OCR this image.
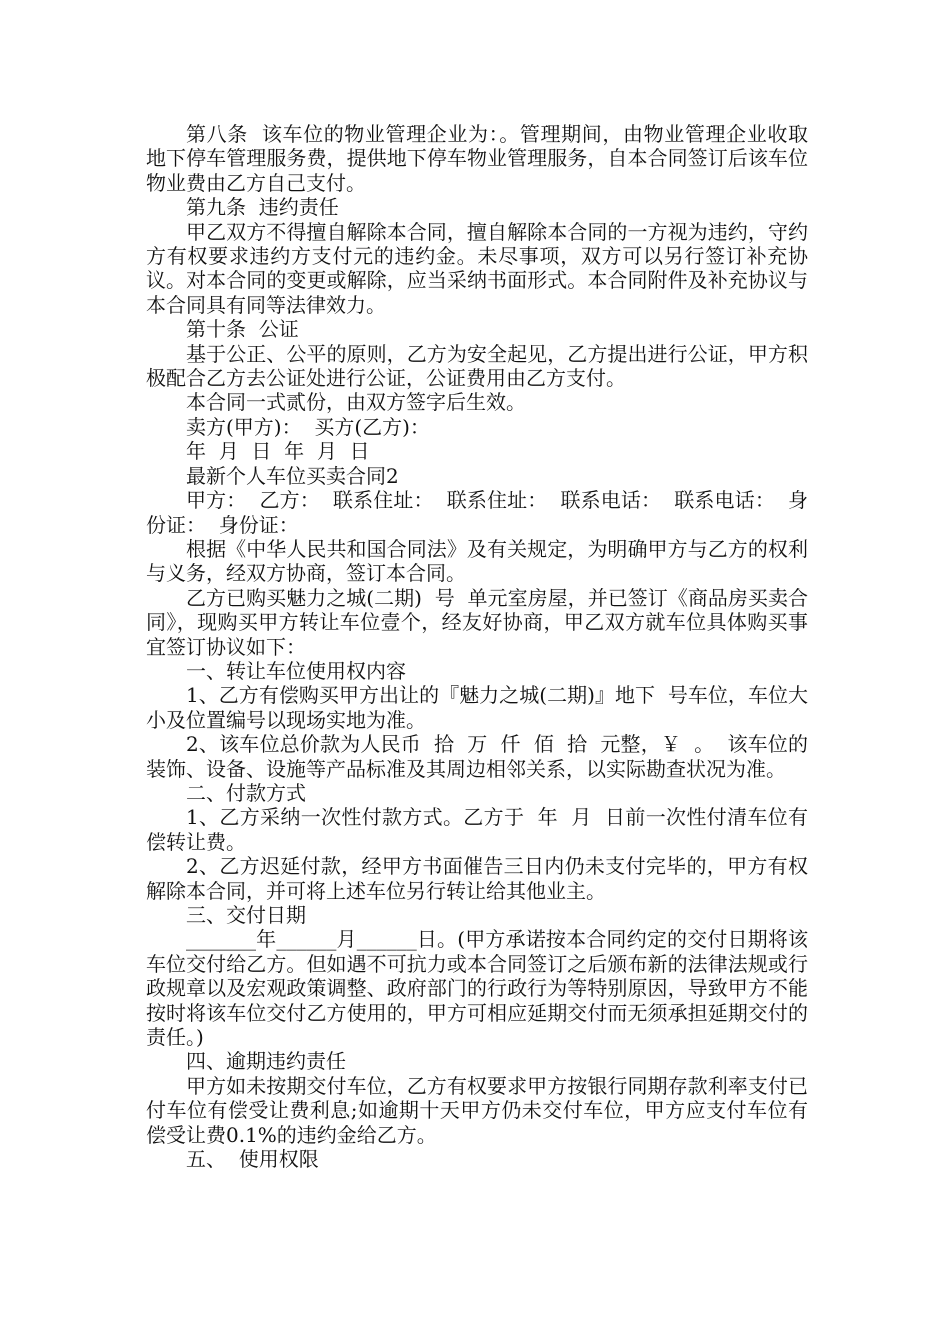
第八条  该车位的物业管理企业为：。管理期间，由物业管理企业收取地下停车管理服务费，提供地下停车物业管理服务，自本合同签订后该车位物业费由乙方自己支付。

第九条  违约责任

甲乙双方不得擅自解除本合同，擅自解除本合同的一方视为违约，守约方有权要求违约方支付元的违约金。未尽事项，双方可以另行签订补充协议。对本合同的变更或解除，应当采纳书面形式。本合同附件及补充协议与本合同具有同等法律效力。

第十条  公证

基于公正、公平的原则，乙方为安全起见，乙方提出进行公证，甲方积极配合乙方去公证处进行公证，公证费用由乙方支付。

本合同一式贰份，由双方签字后生效。

卖方(甲方)：  买方(乙方)：

年  月  日  年  月  日

最新个人车位买卖合同2

甲方：  乙方：  联系住址：  联系住址：  联系电话：  联系电话：  身份证：  身份证：

根据《中华人民共和国合同法》及有关规定，为明确甲方与乙方的权利与义务，经双方协商，签订本合同。

乙方已购买魅力之城(二期)  号  单元室房屋，并已签订《商品房买卖合同》，现购买甲方转让车位壹个，经友好协商，甲乙双方就车位具体购买事宜签订协议如下：

一、转让车位使用权内容

1、乙方有偿购买甲方出让的『魅力之城(二期)』地下  号车位，车位大小及位置编号以现场实地为准。

2、该车位总价款为人民币  拾  万  仟  佰  拾  元整，￥  。  该车位的装饰、设备、设施等产品标准及其周边相邻关系，以实际勘查状况为准。

二、付款方式

1、乙方采纳一次性付款方式。乙方于  年  月  日前一次性付清车位有偿转让费。

2、乙方迟延付款，经甲方书面催告三日内仍未支付完毕的，甲方有权解除本合同，并可将上述车位另行转让给其他业主。

三、交付日期

_______年______月______日。(甲方承诺按本合同约定的交付日期将该车位交付给乙方。但如遇不可抗力或本合同签订之后颁布新的法律法规或行政规章以及宏观政策调整、政府部门的行政行为等特别原因，导致甲方不能按时将该车位交付乙方使用的，甲方可相应延期交付而无须承担延期交付的责任。)

四、逾期违约责任

甲方如未按期交付车位，乙方有权要求甲方按银行同期存款利率支付已付车位有偿受让费利息;如逾期十天甲方仍未交付车位，甲方应支付车位有偿受让费0.1%的违约金给乙方。

五、  使用权限
